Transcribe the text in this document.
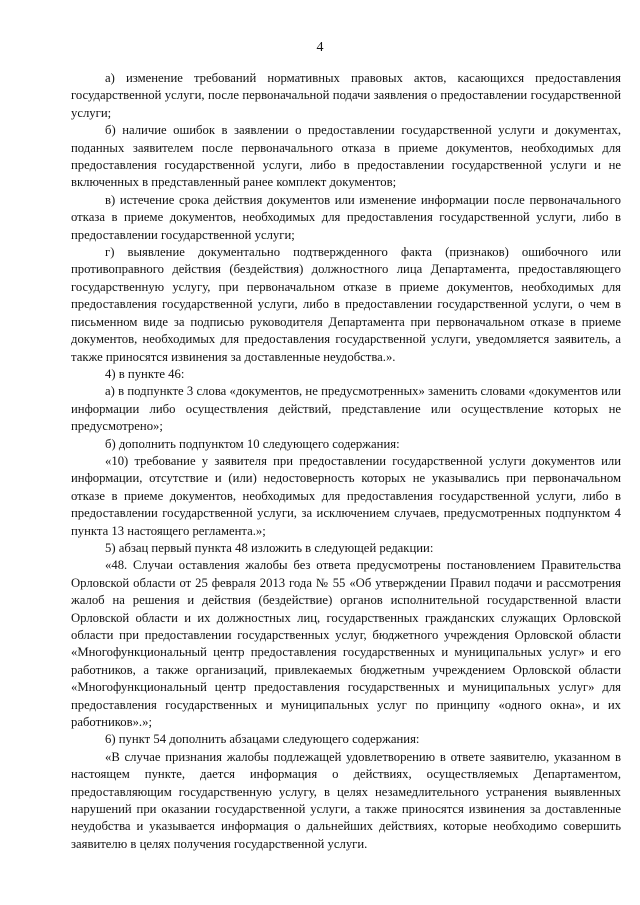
4

а) изменение требований нормативных правовых актов, касающихся предоставления государственной услуги, после первоначальной подачи заявления о предоставлении государственной услуги;

б) наличие ошибок в заявлении о предоставлении государственной услуги и документах, поданных заявителем после первоначального отказа в приеме документов, необходимых для предоставления государственной услуги, либо в предоставлении государственной услуги и не включенных в представленный ранее комплект документов;

в) истечение срока действия документов или изменение информации после первоначального отказа в приеме документов, необходимых для предоставления государственной услуги, либо в предоставлении государственной услуги;

г) выявление документально подтвержденного факта (признаков) ошибочного или противоправного действия (бездействия) должностного лица Департамента, предоставляющего государственную услугу, при первоначальном отказе в приеме документов, необходимых для предоставления государственной услуги, либо в предоставлении государственной услуги, о чем в письменном виде за подписью руководителя Департамента при первоначальном отказе в приеме документов, необходимых для предоставления государственной услуги, уведомляется заявитель, а также приносятся извинения за доставленные неудобства.».

4) в пункте 46:

а) в подпункте 3 слова «документов, не предусмотренных» заменить словами «документов или информации либо осуществления действий, представление или осуществление которых не предусмотрено»;

б) дополнить подпунктом 10 следующего содержания:

«10) требование у заявителя при предоставлении государственной услуги документов или информации, отсутствие и (или) недостоверность которых не указывались при первоначальном отказе в приеме документов, необходимых для предоставления государственной услуги, либо в предоставлении государственной услуги, за исключением случаев, предусмотренных подпунктом 4 пункта 13 настоящего регламента.»;

5) абзац первый пункта 48 изложить в следующей редакции:

«48. Случаи оставления жалобы без ответа предусмотрены постановлением Правительства Орловской области от 25 февраля 2013 года № 55 «Об утверждении Правил подачи и рассмотрения жалоб на решения и действия (бездействие) органов исполнительной государственной власти Орловской области и их должностных лиц, государственных гражданских служащих Орловской области при предоставлении государственных услуг, бюджетного учреждения Орловской области «Многофункциональный центр предоставления государственных и муниципальных услуг» и его работников, а также организаций, привлекаемых бюджетным учреждением Орловской области «Многофункциональный центр предоставления государственных и муниципальных услуг» для предоставления государственных и муниципальных услуг по принципу «одного окна», и их работников».»;

6) пункт 54 дополнить абзацами следующего содержания:

«В случае признания жалобы подлежащей удовлетворению в ответе заявителю, указанном в настоящем пункте, дается информация о действиях, осуществляемых Департаментом, предоставляющим государственную услугу, в целях незамедлительного устранения выявленных нарушений при оказании государственной услуги, а также приносятся извинения за доставленные неудобства и указывается информация о дальнейших действиях, которые необходимо совершить заявителю в целях получения государственной услуги.
